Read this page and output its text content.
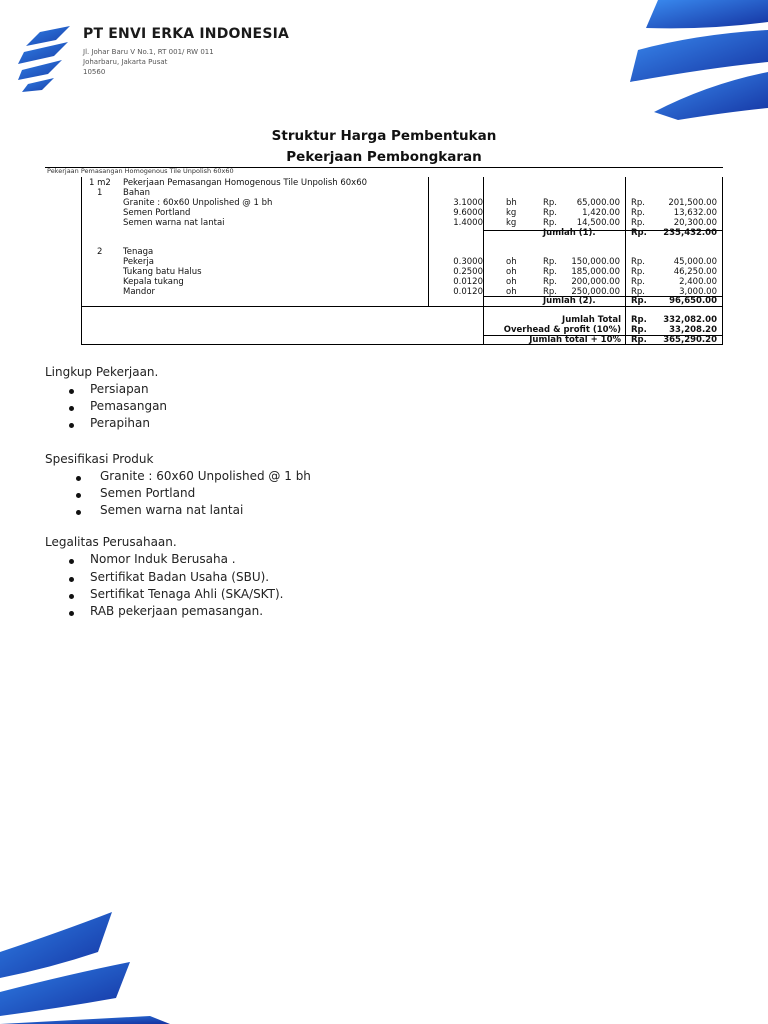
PT ENVI ERKA INDONESIA
Jl. Johar Baru V No.1, RT 001/ RW 011
Joharbaru, Jakarta Pusat
10560
Struktur Harga Pembentukan
Pekerjaan Pembongkaran
Pekerjaan Pemasangan Homogenous Tile Unpolish 60x60
1 m2 Pekerjaan Pemasangan Homogenous Tile Unpolish 60x60
1 Bahan
Granite : 60x60 Unpolished @ 1 bh	3.1000	bh	Rp.	65,000.00 Rp.	201,500.00
Semen Portland	9.6000	kg	Rp.	1,420.00 Rp.	13,632.00
Semen warna nat lantai	1.4000	kg	Rp.	14,500.00 Rp.	20,300.00
Jumlah (1).	Rp.	235,432.00
2 Tenaga
Pekerja	0.3000	oh	Rp.	150,000.00 Rp.	45,000.00
Tukang batu Halus	0.2500	oh	Rp.	185,000.00 Rp.	46,250.00
Kepala tukang	0.0120	oh	Rp.	200,000.00 Rp.	2,400.00
Mandor	0.0120	oh	Rp.	250,000.00 Rp.	3,000.00
Jumlah (2).	Rp.	96,650.00
Jumlah Total Rp.	332,082.00
Overhead & profit (10%) Rp.	33,208.20
Jumlah total + 10% Rp.	365,290.20
Lingkup Pekerjaan.
Persiapan
Pemasangan
Perapihan
Spesifikasi Produk
Granite : 60x60 Unpolished @ 1 bh
Semen Portland
Semen warna nat lantai
Legalitas Perusahaan.
Nomor Induk Berusaha .
Sertifikat Badan Usaha (SBU).
Sertifikat Tenaga Ahli (SKA/SKT).
RAB pekerjaan pemasangan.
